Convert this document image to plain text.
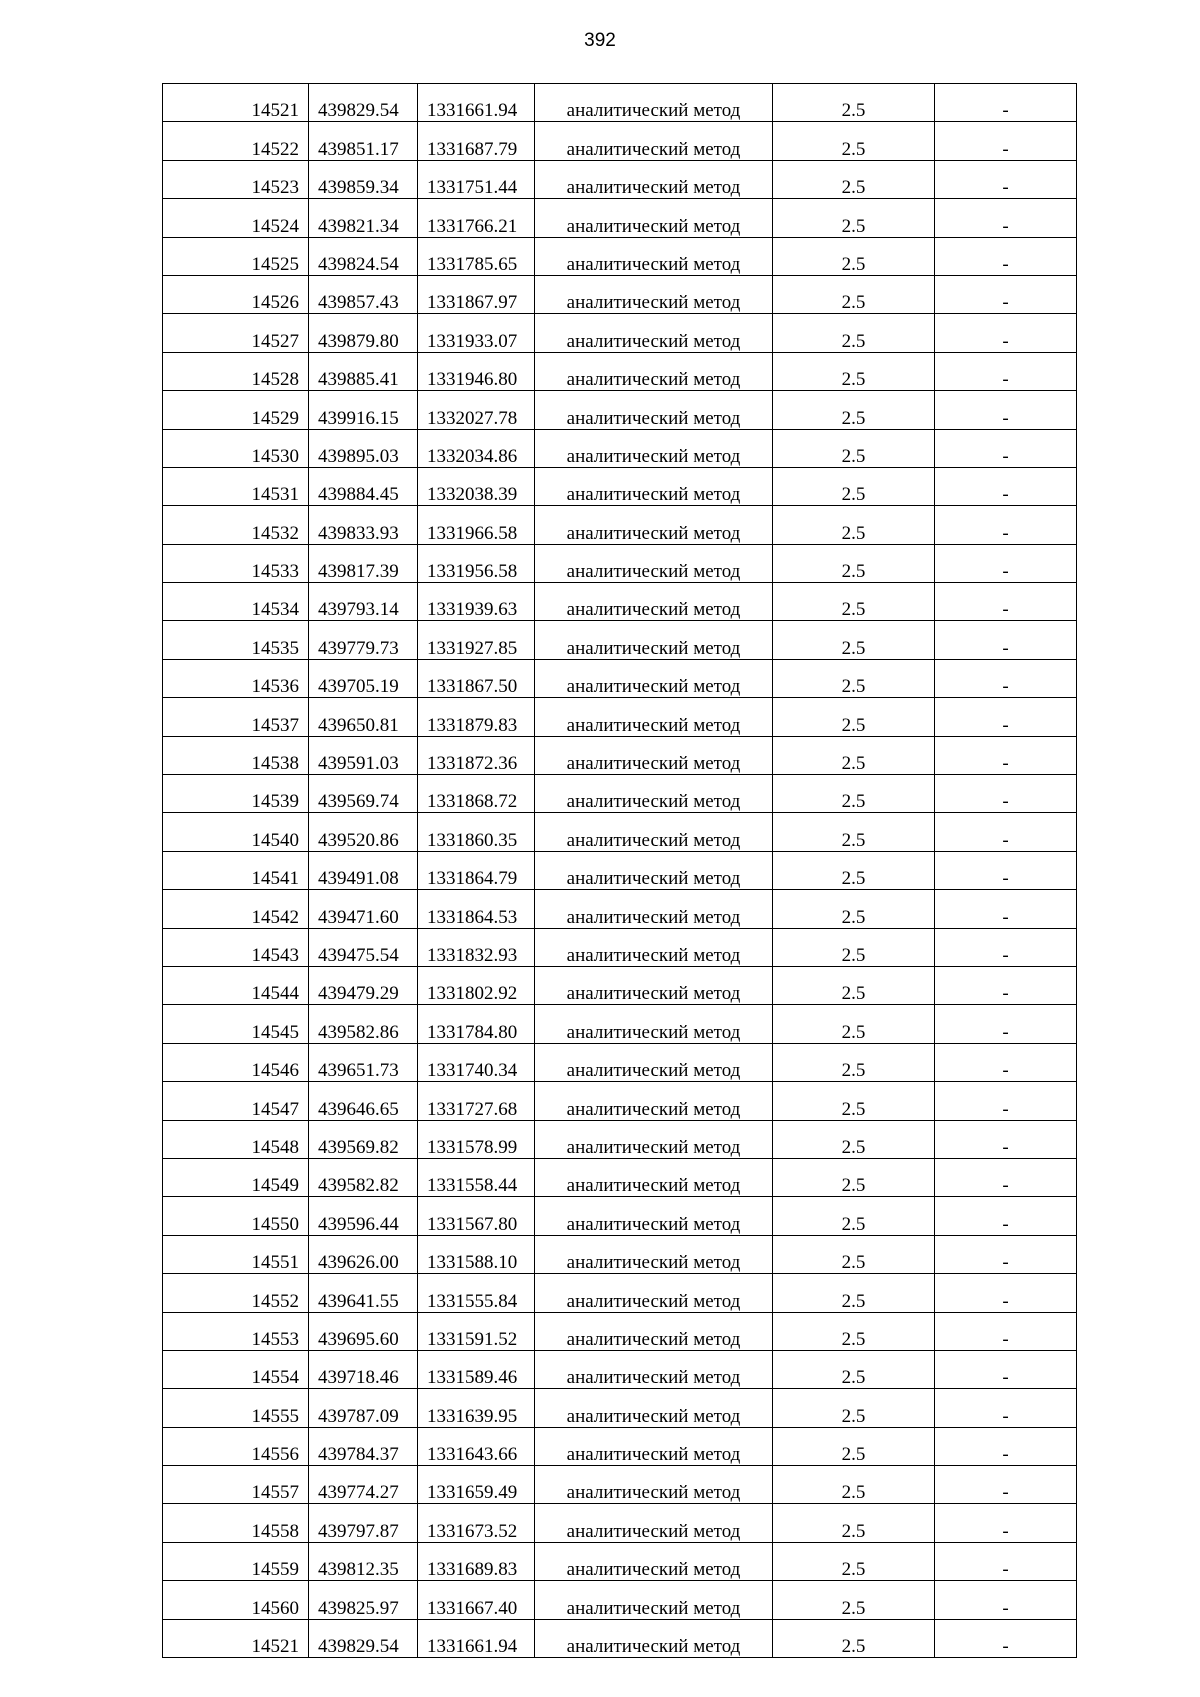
392
14521	439829.54	1331661.94	аналитический метод	2.5	-
14522	439851.17	1331687.79	аналитический метод	2.5	-
14523	439859.34	1331751.44	аналитический метод	2.5	-
14524	439821.34	1331766.21	аналитический метод	2.5	-
14525	439824.54	1331785.65	аналитический метод	2.5	-
14526	439857.43	1331867.97	аналитический метод	2.5	-
14527	439879.80	1331933.07	аналитический метод	2.5	-
14528	439885.41	1331946.80	аналитический метод	2.5	-
14529	439916.15	1332027.78	аналитический метод	2.5	-
14530	439895.03	1332034.86	аналитический метод	2.5	-
14531	439884.45	1332038.39	аналитический метод	2.5	-
14532	439833.93	1331966.58	аналитический метод	2.5	-
14533	439817.39	1331956.58	аналитический метод	2.5	-
14534	439793.14	1331939.63	аналитический метод	2.5	-
14535	439779.73	1331927.85	аналитический метод	2.5	-
14536	439705.19	1331867.50	аналитический метод	2.5	-
14537	439650.81	1331879.83	аналитический метод	2.5	-
14538	439591.03	1331872.36	аналитический метод	2.5	-
14539	439569.74	1331868.72	аналитический метод	2.5	-
14540	439520.86	1331860.35	аналитический метод	2.5	-
14541	439491.08	1331864.79	аналитический метод	2.5	-
14542	439471.60	1331864.53	аналитический метод	2.5	-
14543	439475.54	1331832.93	аналитический метод	2.5	-
14544	439479.29	1331802.92	аналитический метод	2.5	-
14545	439582.86	1331784.80	аналитический метод	2.5	-
14546	439651.73	1331740.34	аналитический метод	2.5	-
14547	439646.65	1331727.68	аналитический метод	2.5	-
14548	439569.82	1331578.99	аналитический метод	2.5	-
14549	439582.82	1331558.44	аналитический метод	2.5	-
14550	439596.44	1331567.80	аналитический метод	2.5	-
14551	439626.00	1331588.10	аналитический метод	2.5	-
14552	439641.55	1331555.84	аналитический метод	2.5	-
14553	439695.60	1331591.52	аналитический метод	2.5	-
14554	439718.46	1331589.46	аналитический метод	2.5	-
14555	439787.09	1331639.95	аналитический метод	2.5	-
14556	439784.37	1331643.66	аналитический метод	2.5	-
14557	439774.27	1331659.49	аналитический метод	2.5	-
14558	439797.87	1331673.52	аналитический метод	2.5	-
14559	439812.35	1331689.83	аналитический метод	2.5	-
14560	439825.97	1331667.40	аналитический метод	2.5	-
14521	439829.54	1331661.94	аналитический метод	2.5	-
